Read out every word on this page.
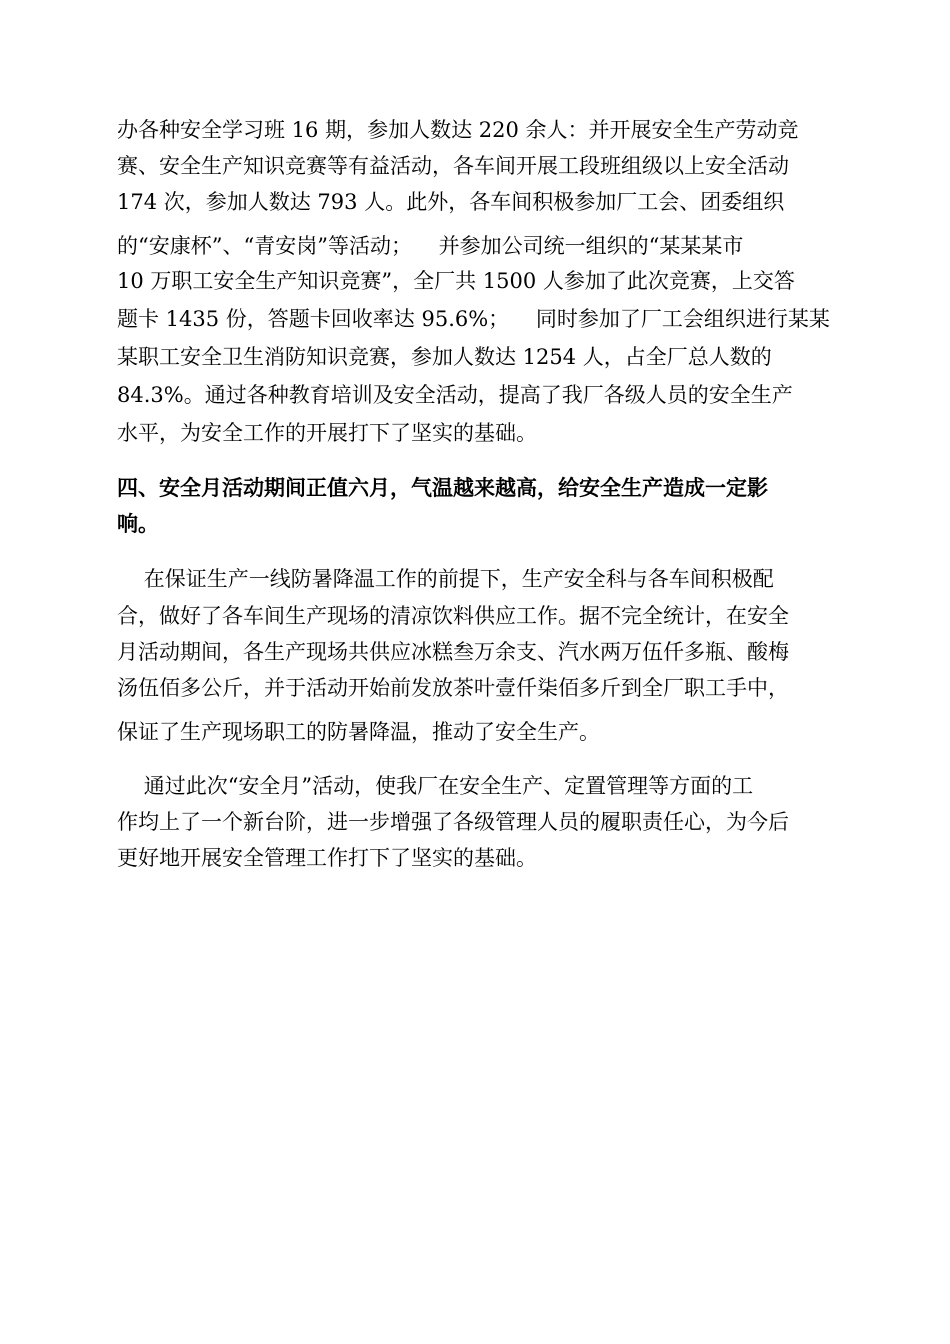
办各种安全学习班 16 期，参加人数达 220 余人：并开展安全生产劳动竞
赛、安全生产知识竞赛等有益活动，各车间开展工段班组级以上安全活动
174 次，参加人数达 793 人。此外，各车间积极参加厂工会、团委组织
的“安康杯”、“青安岗”等活动；    并参加公司统一组织的“某某某市
10 万职工安全生产知识竞赛”，全厂共 1500 人参加了此次竞赛，上交答
题卡 1435 份，答题卡回收率达 95.6%；    同时参加了厂工会组织进行某某
某职工安全卫生消防知识竞赛，参加人数达 1254 人，占全厂总人数的
84.3%。通过各种教育培训及安全活动，提高了我厂各级人员的安全生产
水平，为安全工作的开展打下了坚实的基础。
四、安全月活动期间正值六月，气温越来越高，给安全生产造成一定影
响。
在保证生产一线防暑降温工作的前提下，生产安全科与各车间积极配
合，做好了各车间生产现场的清凉饮料供应工作。据不完全统计，在安全
月活动期间，各生产现场共供应冰糕叁万余支、汽水两万伍仟多瓶、酸梅
汤伍佰多公斤，并于活动开始前发放茶叶壹仟柒佰多斤到全厂职工手中，
保证了生产现场职工的防暑降温，推动了安全生产。
通过此次“安全月”活动，使我厂在安全生产、定置管理等方面的工
作均上了一个新台阶，进一步增强了各级管理人员的履职责任心，为今后
更好地开展安全管理工作打下了坚实的基础。
